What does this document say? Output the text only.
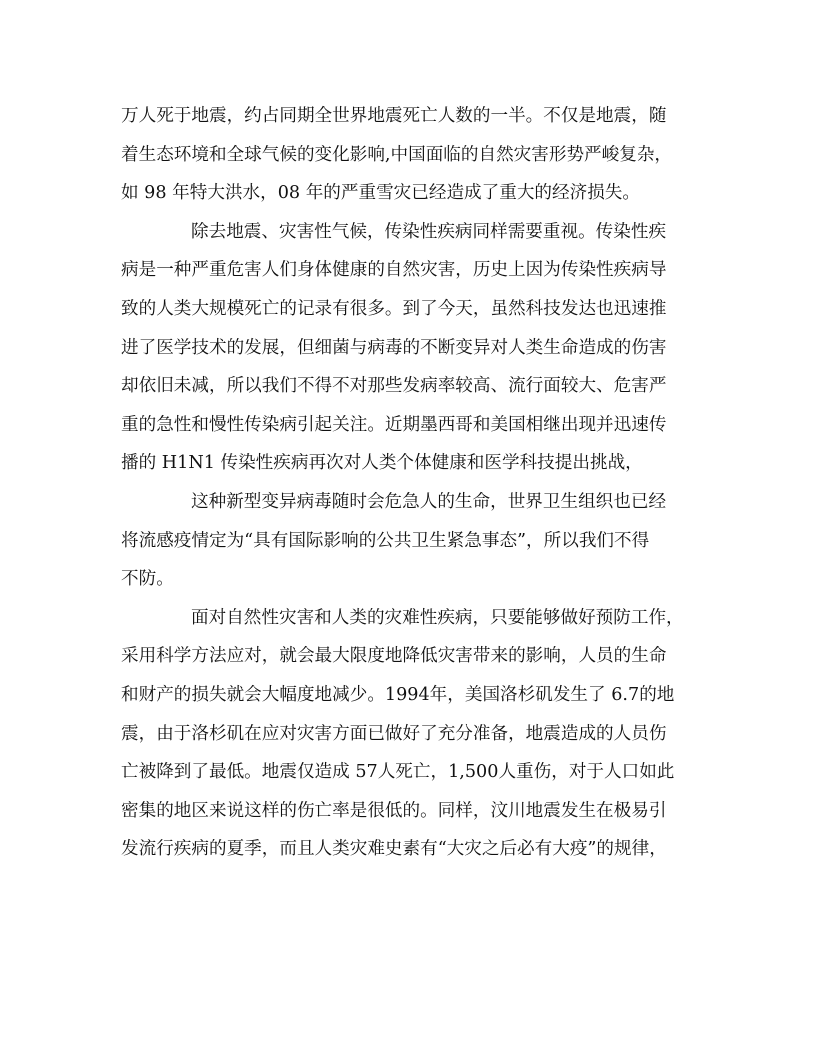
万人死于地震，约占同期全世界地震死亡人数的一半。不仅是地震，随
着生态环境和全球气候的变化影响,中国面临的自然灾害形势严峻复杂，
如 98 年特大洪水，08 年的严重雪灾已经造成了重大的经济损失。
除去地震、灾害性气候，传染性疾病同样需要重视。传染性疾
病是一种严重危害人们身体健康的自然灾害，历史上因为传染性疾病导
致的人类大规模死亡的记录有很多。到了今天，虽然科技发达也迅速推
进了医学技术的发展，但细菌与病毒的不断变异对人类生命造成的伤害
却依旧未减，所以我们不得不对那些发病率较高、流行面较大、危害严
重的急性和慢性传染病引起关注。近期墨西哥和美国相继出现并迅速传
播的 H1N1 传染性疾病再次对人类个体健康和医学科技提出挑战，
这种新型变异病毒随时会危急人的生命，世界卫生组织也已经
将流感疫情定为“具有国际影响的公共卫生紧急事态”，所以我们不得
不防。
面对自然性灾害和人类的灾难性疾病，只要能够做好预防工作，
采用科学方法应对，就会最大限度地降低灾害带来的影响，人员的生命
和财产的损失就会大幅度地减少。1994年，美国洛杉矶发生了 6.7的地
震，由于洛杉矶在应对灾害方面已做好了充分准备，地震造成的人员伤
亡被降到了最低。地震仅造成 57人死亡，1,500人重伤，对于人口如此
密集的地区来说这样的伤亡率是很低的。同样，汶川地震发生在极易引
发流行疾病的夏季，而且人类灾难史素有“大灾之后必有大疫”的规律，
